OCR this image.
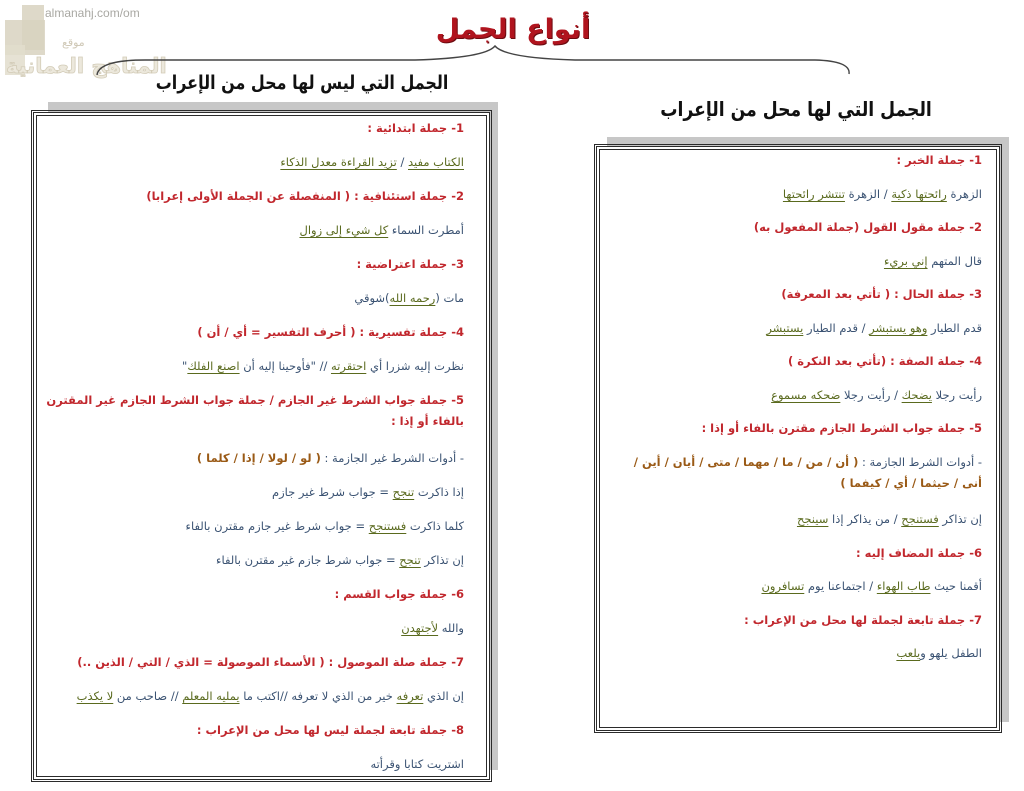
almanahj.com/om
موقع
المناهج العمانية
أنواع الجمل
الجمل التي ليس لها محل من الإعراب
الجمل التي لها محل من الإعراب
1- جملة ابتدائية :
الكتاب مفيد / تزيد القراءة معدل الذكاء
2- جملة استئنافية : ( المنفصلة عن الجملة الأولى إعرابا)
أمطرت السماء كل شيء إلى زوال
3- جملة اعتراضية :
مات (رحمه الله)شوقي
4- جملة تفسيرية : ( أحرف التفسير = أي / أن )
نظرت إليه شزرا أي احتقرته // "فأوحينا إليه أن اصنع الفلك"
5- جملة جواب الشرط غير الجازم / جملة جواب الشرط الجازم غير المقترن بالفاء أو إذا :
- أدوات الشرط غير الجازمة : ( لو / لولا / إذا / كلما )
إذا ذاكرت تنجح = جواب شرط غير جازم
كلما ذاكرت فستنجح = جواب شرط غير جازم مقترن بالفاء
إن تذاكر تنجح = جواب شرط جازم غير مقترن بالفاء
6- جملة جواب القسم :
والله لأجتهدن
7- جملة صلة الموصول : ( الأسماء الموصولة = الذي / التي / الذين ..)
إن الذي تعرفه خير من الذي لا تعرفه //اكتب ما يمليه المعلم // صاحب من لا يكذب
8- جملة تابعة لجملة ليس لها محل من الإعراب :
اشتريت كتابا وقرأته
1- جملة الخبر :
الزهرة رائحتها ذكية / الزهرة تنتشر رائحتها
2- جملة مقول القول (جملة المفعول به)
قال المتهم إني بريء
3- جملة الحال : ( تأتي بعد المعرفة)
قدم الطيار وهو يستبشر / قدم الطيار يستبشر
4- جملة الصفة : (تأتي بعد النكرة )
رأيت رجلا يضحك / رأيت رجلا ضحكه مسموع
5- جملة جواب الشرط الجازم مقترن بالفاء أو إذا :
- أدوات الشرط الجازمة : ( أن / من / ما / مهما / متى / أيان / أين / أنى / حيثما / أي / كيفما )
إن تذاكر فستنجح / من يذاكر إذا سينجح
6- جملة المضاف إليه :
أقمنا حيث طاب الهواء / اجتماعنا يوم تسافرون
7- جملة تابعة لجملة لها محل من الإعراب :
الطفل يلهو ويلعب
